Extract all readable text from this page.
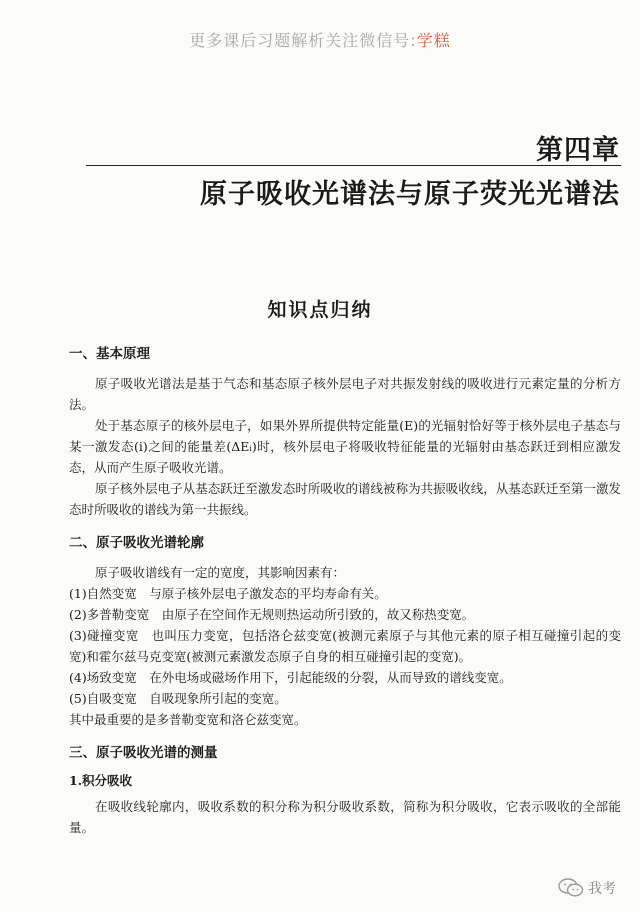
更多课后习题解析关注微信号:学糕
第四章
原子吸收光谱法与原子荧光光谱法
知识点归纳
一、基本原理

原子吸收光谱法是基于气态和基态原子核外层电子对共振发射线的吸收进行元素定量的分析方法。

处于基态原子的核外层电子，如果外界所提供特定能量(E)的光辐射恰好等于核外层电子基态与某一激发态(i)之间的能量差(ΔEᵢ)时，核外层电子将吸收特征能量的光辐射由基态跃迁到相应激发态，从而产生原子吸收光谱。

原子核外层电子从基态跃迁至激发态时所吸收的谱线被称为共振吸收线，从基态跃迁至第一激发态时所吸收的谱线为第一共振线。

二、原子吸收光谱轮廓

原子吸收谱线有一定的宽度，其影响因素有：

(1)自然变宽　与原子核外层电子激发态的平均寿命有关。

(2)多普勒变宽　由原子在空间作无规则热运动所引致的，故又称热变宽。

(3)碰撞变宽　也叫压力变宽，包括洛仑兹变宽(被测元素原子与其他元素的原子相互碰撞引起的变宽)和霍尔兹马克变宽(被测元素激发态原子自身的相互碰撞引起的变宽)。

(4)场致变宽　在外电场或磁场作用下，引起能级的分裂，从而导致的谱线变宽。

(5)自吸变宽　自吸现象所引起的变宽。

其中最重要的是多普勒变宽和洛仑兹变宽。

三、原子吸收光谱的测量
1.积分吸收

在吸收线轮廓内，吸收系数的积分称为积分吸收系数，简称为积分吸收，它表示吸收的全部能量。

我考
